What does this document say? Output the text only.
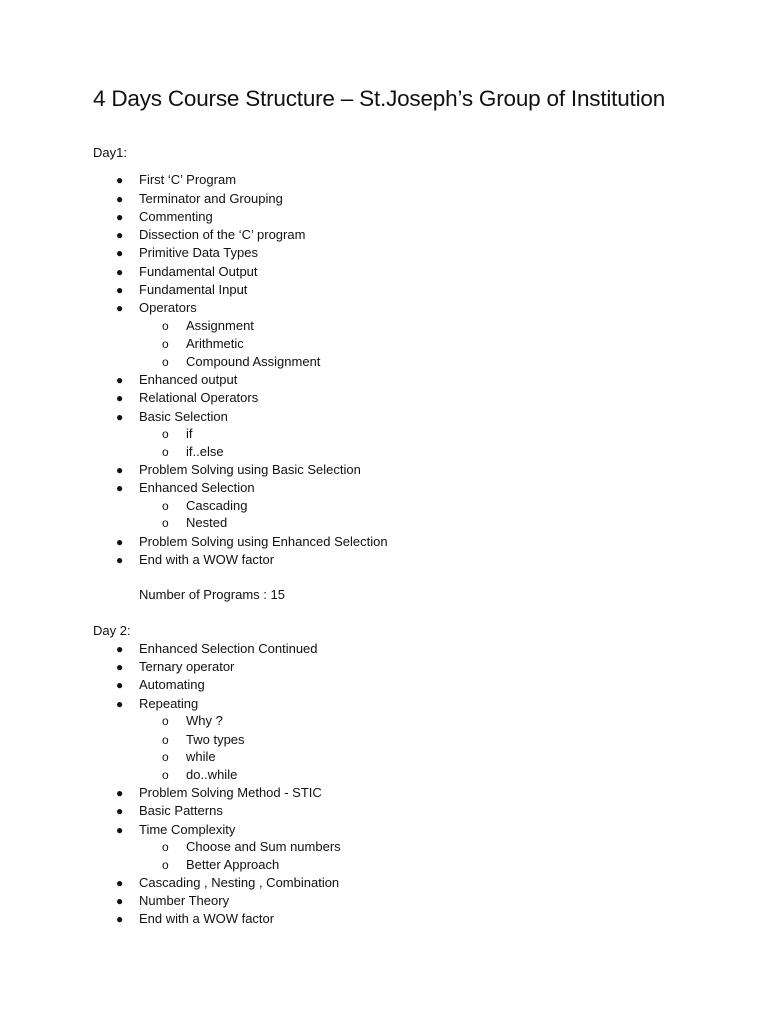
4 Days Course Structure – St.Joseph’s Group of Institution
Day1:
● First ‘C’ Program
● Terminator and Grouping
● Commenting
● Dissection of the ‘C’ program
● Primitive Data Types
● Fundamental Output
● Fundamental Input
● Operators
o Assignment
o Arithmetic
o Compound Assignment
● Enhanced output
● Relational Operators
● Basic Selection
o if
o if..else
● Problem Solving using Basic Selection
● Enhanced Selection
o Cascading
o Nested
● Problem Solving using Enhanced Selection
● End with a WOW factor
Number of Programs : 15
Day 2:
● Enhanced Selection Continued
● Ternary operator
● Automating
● Repeating
o Why ?
o Two types
o while
o do..while
● Problem Solving Method - STIC
● Basic Patterns
● Time Complexity
o Choose and Sum numbers
o Better Approach
● Cascading , Nesting , Combination
● Number Theory
● End with a WOW factor
